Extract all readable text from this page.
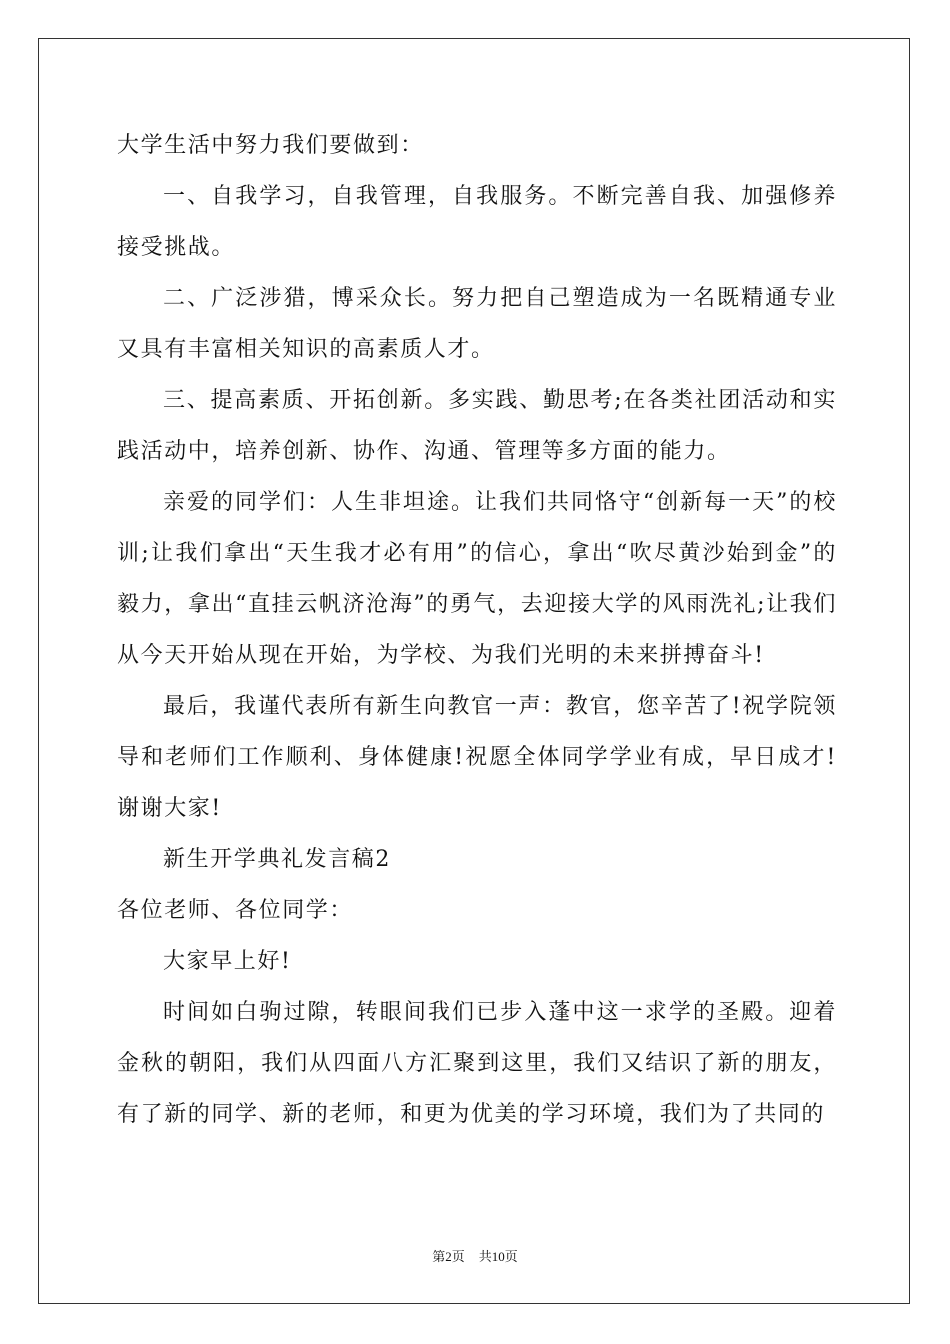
大学生活中努力我们要做到：

一、自我学习，自我管理，自我服务。不断完善自我、加强修养接受挑战。

二、广泛涉猎，博采众长。努力把自己塑造成为一名既精通专业又具有丰富相关知识的高素质人才。

三、提高素质、开拓创新。多实践、勤思考;在各类社团活动和实践活动中，培养创新、协作、沟通、管理等多方面的能力。

亲爱的同学们：人生非坦途。让我们共同恪守“创新每一天”的校训;让我们拿出“天生我才必有用”的信心，拿出“吹尽黄沙始到金”的毅力，拿出“直挂云帆济沧海”的勇气，去迎接大学的风雨洗礼;让我们从今天开始从现在开始，为学校、为我们光明的未来拼搏奋斗!

最后，我谨代表所有新生向教官一声：教官，您辛苦了!祝学院领导和老师们工作顺利、身体健康!祝愿全体同学学业有成，早日成才!谢谢大家!

新生开学典礼发言稿2

各位老师、各位同学：

大家早上好!

时间如白驹过隙，转眼间我们已步入蓬中这一求学的圣殿。迎着金秋的朝阳，我们从四面八方汇聚到这里，我们又结识了新的朋友，有了新的同学、新的老师，和更为优美的学习环境，我们为了共同的

第2页 共10页
